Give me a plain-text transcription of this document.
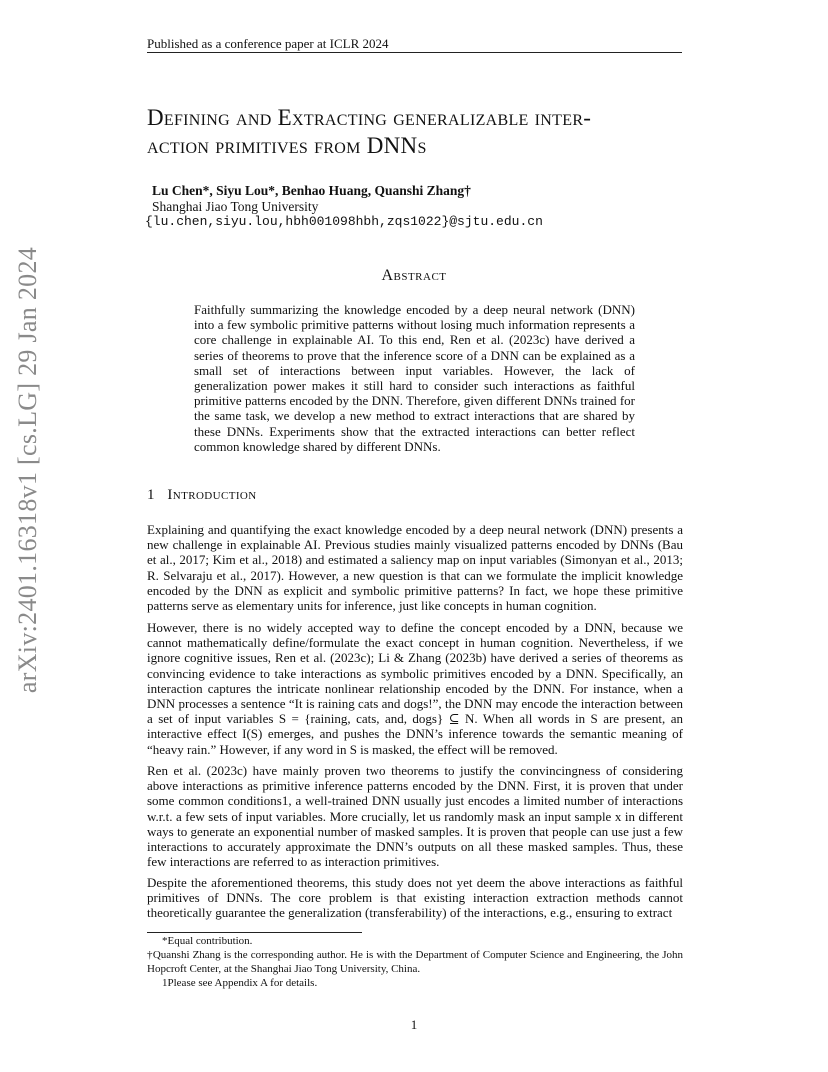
Published as a conference paper at ICLR 2024
arXiv:2401.16318v1 [cs.LG] 29 Jan 2024
Defining and Extracting generalizable inter-
action primitives from DNNs
Lu Chen*, Siyu Lou*, Benhao Huang, Quanshi Zhang†
Shanghai Jiao Tong University
{lu.chen,siyu.lou,hbh001098hbh,zqs1022}@sjtu.edu.cn
Abstract
Faithfully summarizing the knowledge encoded by a deep neural network (DNN) into a few symbolic primitive patterns without losing much information represents a core challenge in explainable AI. To this end, Ren et al. (2023c) have derived a series of theorems to prove that the inference score of a DNN can be explained as a small set of interactions between input variables. However, the lack of generalization power makes it still hard to consider such interactions as faithful primitive patterns encoded by the DNN. Therefore, given different DNNs trained for the same task, we develop a new method to extract interactions that are shared by these DNNs. Experiments show that the extracted interactions can better reflect common knowledge shared by different DNNs.
1 Introduction
Explaining and quantifying the exact knowledge encoded by a deep neural network (DNN) presents a new challenge in explainable AI. Previous studies mainly visualized patterns encoded by DNNs (Bau et al., 2017; Kim et al., 2018) and estimated a saliency map on input variables (Simonyan et al., 2013; R. Selvaraju et al., 2017). However, a new question is that can we formulate the implicit knowledge encoded by the DNN as explicit and symbolic primitive patterns? In fact, we hope these primitive patterns serve as elementary units for inference, just like concepts in human cognition.
However, there is no widely accepted way to define the concept encoded by a DNN, because we cannot mathematically define/formulate the exact concept in human cognition. Nevertheless, if we ignore cognitive issues, Ren et al. (2023c); Li & Zhang (2023b) have derived a series of theorems as convincing evidence to take interactions as symbolic primitives encoded by a DNN. Specifically, an interaction captures the intricate nonlinear relationship encoded by the DNN. For instance, when a DNN processes a sentence “It is raining cats and dogs!”, the DNN may encode the interaction between a set of input variables S = {raining, cats, and, dogs} ⊆ N. When all words in S are present, an interactive effect I(S) emerges, and pushes the DNN’s inference towards the semantic meaning of “heavy rain.” However, if any word in S is masked, the effect will be removed.
Ren et al. (2023c) have mainly proven two theorems to justify the convincingness of considering above interactions as primitive inference patterns encoded by the DNN. First, it is proven that under some common conditions1, a well-trained DNN usually just encodes a limited number of interactions w.r.t. a few sets of input variables. More crucially, let us randomly mask an input sample x in different ways to generate an exponential number of masked samples. It is proven that people can use just a few interactions to accurately approximate the DNN’s outputs on all these masked samples. Thus, these few interactions are referred to as interaction primitives.
Despite the aforementioned theorems, this study does not yet deem the above interactions as faithful primitives of DNNs. The core problem is that existing interaction extraction methods cannot theoretically guarantee the generalization (transferability) of the interactions, e.g., ensuring to extract
*Equal contribution.
†Quanshi Zhang is the corresponding author. He is with the Department of Computer Science and Engineering, the John Hopcroft Center, at the Shanghai Jiao Tong University, China.
1Please see Appendix A for details.
1
